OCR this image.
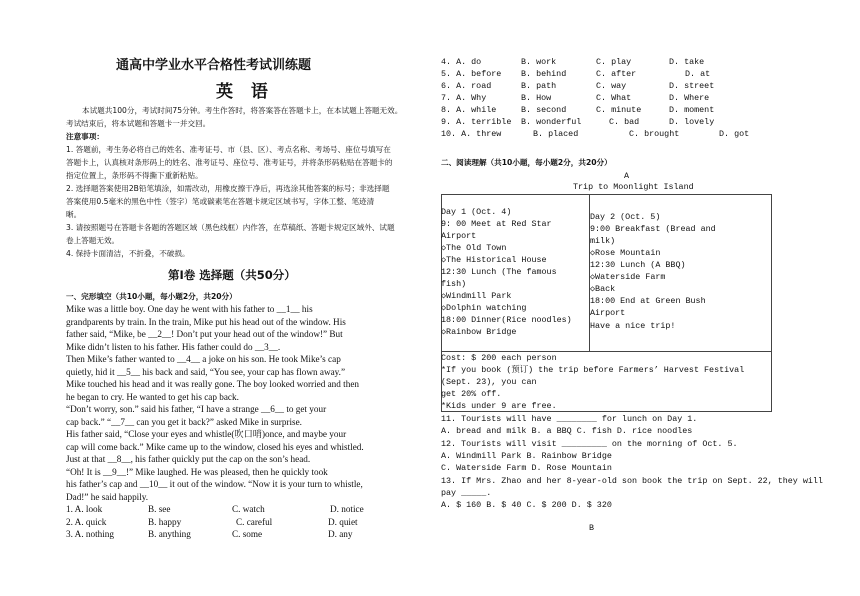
通高中学业水平合格性考试训练题
英 语
本试题共100分，考试时间75分钟。考生作答时，将答案答在答题卡上，在本试题上答题无效。
考试结束后，将本试题和答题卡一并交回。
注意事项：
1. 答题前，考生务必将自己的姓名、准考证号、市（县、区）、考点名称、考场号、座位号填写在
答题卡上，认真核对条形码上的姓名、准考证号、座位号、准考证号，并将条形码粘贴在答题卡的
指定位置上，条形码不得撕下重新粘贴。
2. 选择题答案使用2B铅笔填涂，如需改动，用橡皮擦干净后，再选涂其他答案的标号；非选择题
答案使用0.5毫米的黑色中性（签字）笔或碳素笔在答题卡规定区域书写，字体工整、笔迹清
晰。
3. 请按照题号在答题卡各题的答题区域（黑色线框）内作答，在草稿纸、答题卡规定区域外、试题
卷上答题无效。
4. 保持卡面清洁，不折叠，不破损。
第Ⅰ卷 选择题（共50分）
一、完形填空（共10小题，每小题2分，共20分）
Mike was a little boy. One day he went with his father to __1__ his
grandparents by train. In the train, Mike put his head out of the window. His
father said, “Mike, be __2__! Don’t put your head out of the window!” But
Mike didn’t listen to his father. His father could do __3__.
Then Mike’s father wanted to __4__ a joke on his son. He took Mike’s cap
quietly, hid it __5__ his back and said, “You see, your cap has flown away.”
Mike touched his head and it was really gone. The boy looked worried and then
he began to cry. He wanted to get his cap back.
“Don’t worry, son.” said his father, “I have a strange __6__ to get your
cap back.” “__7__ can you get it back?” asked Mike in surprise.
His father said, “Close your eyes and whistle(吹口哨)once, and maybe your
cap will come back.” Mike came up to the window, closed his eyes and whistled.
Just at that __8__, his father quickly put the cap on the son’s head.
“Oh! It is __9__!” Mike laughed. He was pleased, then he quickly took
his father’s cap and __10__ it out of the window. “Now it is your turn to whistle,
Dad!” he said happily.
1. A. look	B. see	C. watch	D. notice
2. A. quick	B. happy	C. careful	D. quiet
3. A. nothing	B. anything	C. some	D. any
4. A. do	B. work	C. play	D. take
5. A. before B. behind	C. after	D. at
6. A. road	B. path	C. way	D. street
7. A. Why	B. How	C. What	D. Where
8. A. while	B. second	C. minute	D. moment
9. A. terrible B. wonderful	C. bad	D. lovely
10. A. threw	B. placed	C. brought	D. got
二、阅读理解（共10小题，每小题2分，共20分）
A
Trip to Moonlight Island
Day 1 (Oct. 4)
9: 00 Meet at Red Star
Airport
◇The Old Town
◇The Historical House
12:30 Lunch (The famous
fish)
◇Windmill Park
◇Dolphin watching
18:00 Dinner(Rice noodles)
◇Rainbow Bridge
Day 2 (Oct. 5)
9:00 Breakfast (Bread and
milk)
◇Rose Mountain
12:30 Lunch (A BBQ)
◇Waterside Farm
◇Back
18:00 End at Green Bush
Airport
Have a nice trip!
Cost: $ 200 each person
*If you book (预订) the trip before Farmers’ Harvest Festival
(Sept. 23), you can
get 20% off.
*Kids under 9 are free.
11. Tourists will have ________ for lunch on Day 1.
A. bread and milk B. a BBQ C. fish D. rice noodles
12. Tourists will visit _________ on the morning of Oct. 5.
A. Windmill Park B. Rainbow Bridge
C. Waterside Farm D. Rose Mountain
13. If Mrs. Zhao and her 8-year-old son book the trip on Sept. 22, they will
pay _____.
A. $ 160 B. $ 40 C. $ 200 D. $ 320
B
